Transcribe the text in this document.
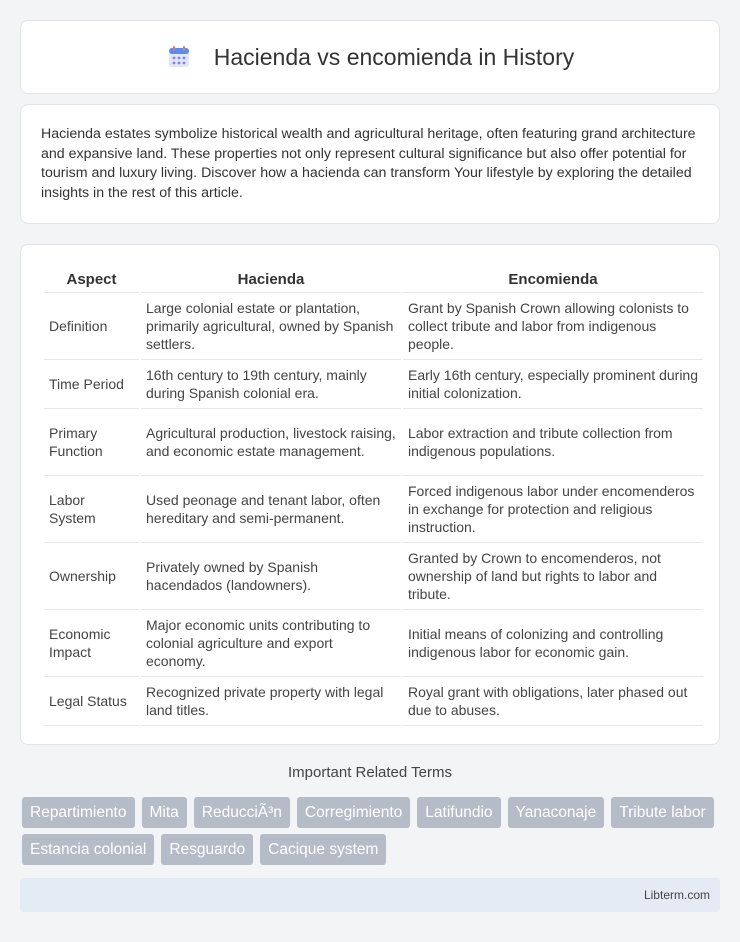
Hacienda vs encomienda in History

Hacienda estates symbolize historical wealth and agricultural heritage, often featuring grand architecture and expansive land. These properties not only represent cultural significance but also offer potential for tourism and luxury living. Discover how a hacienda can transform Your lifestyle by exploring the detailed insights in the rest of this article.

Aspect	Hacienda	Encomienda
Definition	Large colonial estate or plantation, primarily agricultural, owned by Spanish settlers.	Grant by Spanish Crown allowing colonists to collect tribute and labor from indigenous people.
Time Period	16th century to 19th century, mainly during Spanish colonial era.	Early 16th century, especially prominent during initial colonization.
Primary Function	Agricultural production, livestock raising, and economic estate management.	Labor extraction and tribute collection from indigenous populations.
Labor System	Used peonage and tenant labor, often hereditary and semi-permanent.	Forced indigenous labor under encomenderos in exchange for protection and religious instruction.
Ownership	Privately owned by Spanish hacendados (landowners).	Granted by Crown to encomenderos, not ownership of land but rights to labor and tribute.
Economic Impact	Major economic units contributing to colonial agriculture and export economy.	Initial means of colonizing and controlling indigenous labor for economic gain.
Legal Status	Recognized private property with legal land titles.	Royal grant with obligations, later phased out due to abuses.
Important Related Terms
Repartimiento	Mita	ReducciÃ³n	Corregimiento	Latifundio	Yanaconaje	Tribute labor
Estancia colonial	Resguardo	Cacique system
Libterm.com
